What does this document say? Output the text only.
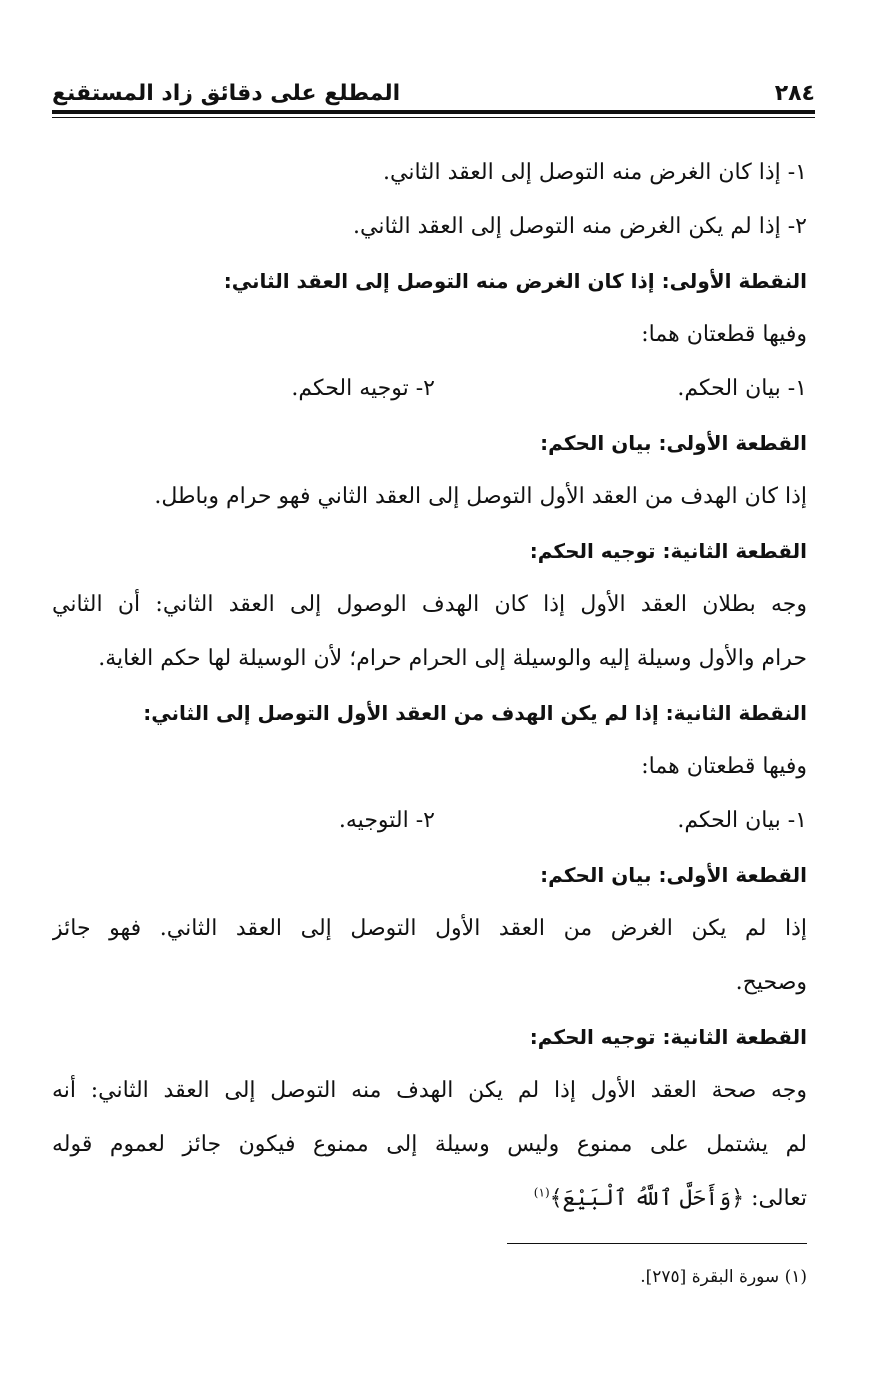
٢٨٤
المطلع على دقائق زاد المستقنع
١- إذا كان الغرض منه التوصل إلى العقد الثاني.
٢- إذا لم يكن الغرض منه التوصل إلى العقد الثاني.
النقطة الأولى: إذا كان الغرض منه التوصل إلى العقد الثاني:
وفيها قطعتان هما:
١- بيان الحكم.
٢- توجيه الحكم.
القطعة الأولى: بيان الحكم:
إذا كان الهدف من العقد الأول التوصل إلى العقد الثاني فهو حرام وباطل.
القطعة الثانية: توجيه الحكم:
وجه بطلان العقد الأول إذا كان الهدف الوصول إلى العقد الثاني: أن الثاني
حرام والأول وسيلة إليه والوسيلة إلى الحرام حرام؛ لأن الوسيلة لها حكم الغاية.
النقطة الثانية: إذا لم يكن الهدف من العقد الأول التوصل إلى الثاني:
وفيها قطعتان هما:
١- بيان الحكم.
٢- التوجيه.
القطعة الأولى: بيان الحكم:
إذا لم يكن الغرض من العقد الأول التوصل إلى العقد الثاني. فهو جائز
وصحيح.
القطعة الثانية: توجيه الحكم:
وجه صحة العقد الأول إذا لم يكن الهدف منه التوصل إلى العقد الثاني: أنه
لم يشتمل على ممنوع وليس وسيلة إلى ممنوع فيكون جائز لعموم قوله
تعالى: ﴿وَأَحَلَّ ٱللَّهُ ٱلْبَيْعَ﴾$^{(١)}$
(١) سورة البقرة [٢٧٥].
